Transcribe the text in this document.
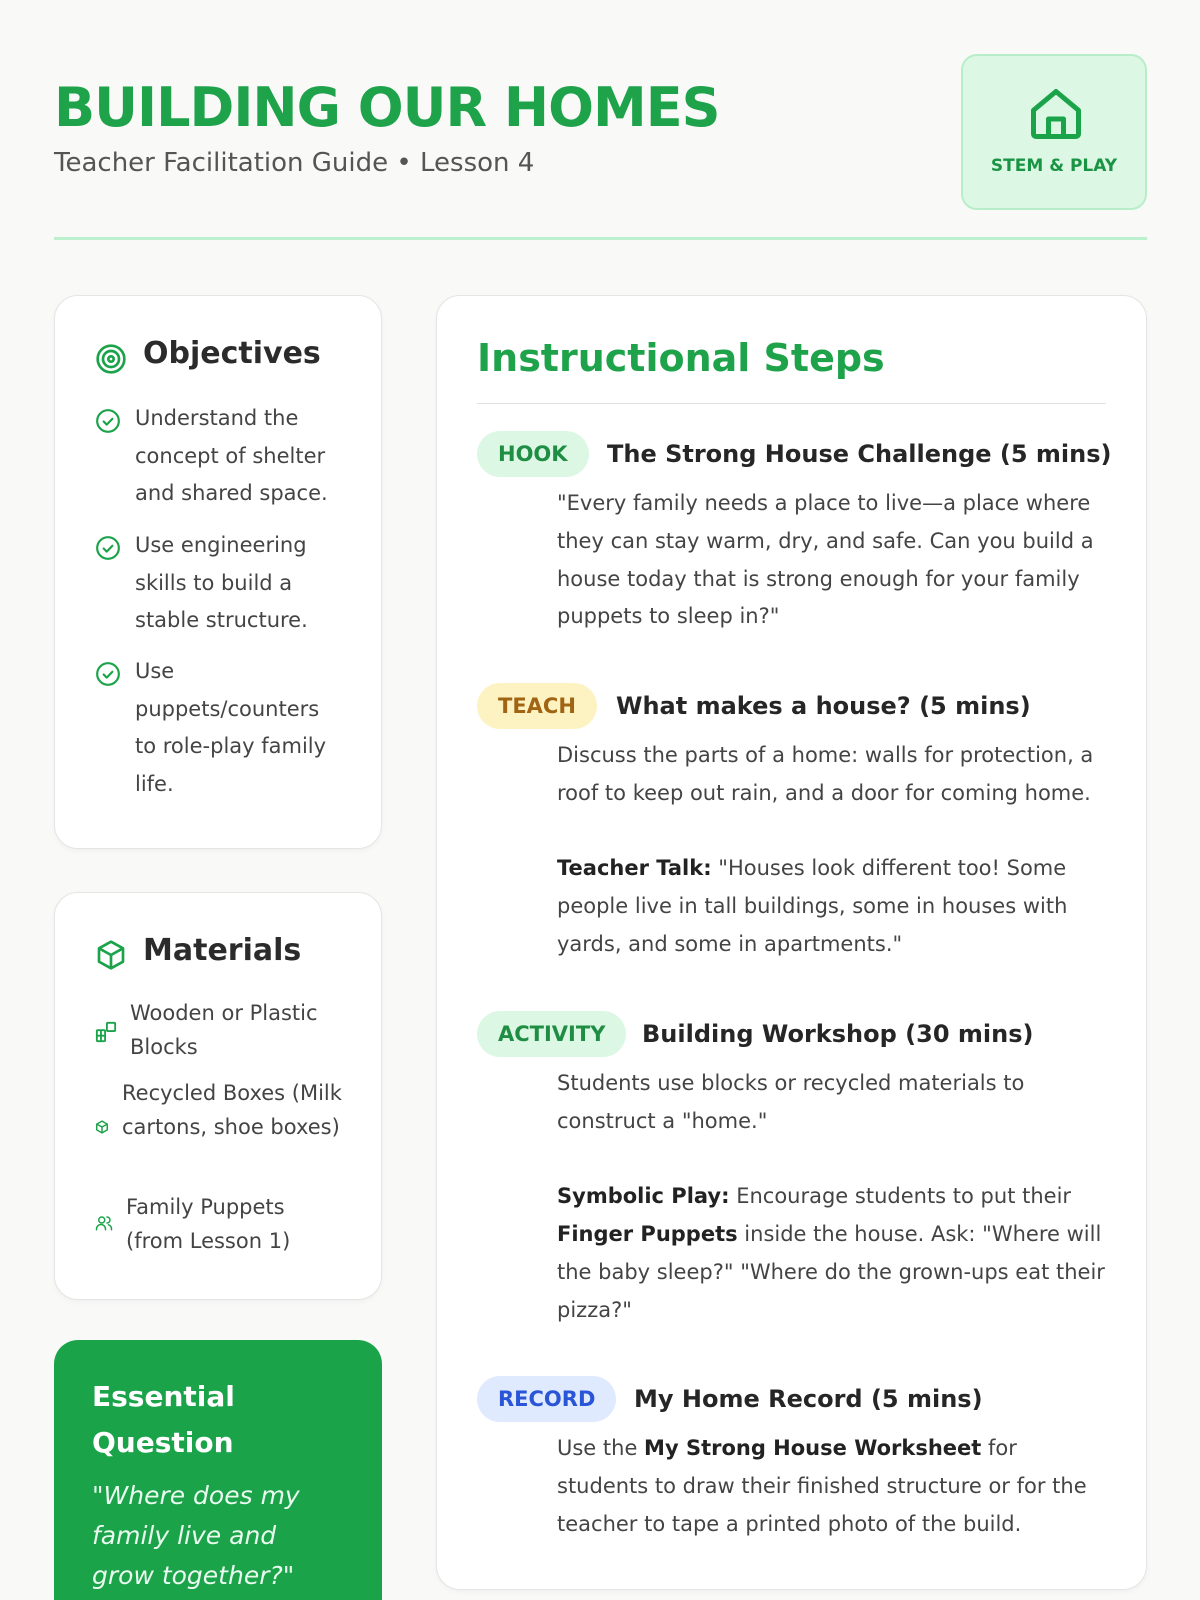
BUILDING OUR HOMES
Teacher Facilitation Guide • Lesson 4	STEM & PLAY
Objectives
Understand the concept of shelter and shared space.
Use engineering skills to build a stable structure.
Use puppets/counters to role-play family life.
Materials
Wooden or Plastic Blocks
Recycled Boxes (Milk cartons, shoe boxes)
Family Puppets (from Lesson 1)
Essential Question
"Where does my family live and grow together?"
Instructional Steps
HOOK	The Strong House Challenge (5 mins)

"Every family needs a place to live—a place where they can stay warm, dry, and safe. Can you build a house today that is strong enough for your family puppets to sleep in?"

TEACH	What makes a house? (5 mins)

Discuss the parts of a home: walls for protection, a roof to keep out rain, and a door for coming home.

Teacher Talk: "Houses look different too! Some people live in tall buildings, some in houses with yards, and some in apartments."

ACTIVITY	Building Workshop (30 mins)

Students use blocks or recycled materials to construct a "home."

Symbolic Play: Encourage students to put their Finger Puppets inside the house. Ask: "Where will the baby sleep?" "Where do the grown-ups eat their pizza?"

RECORD	My Home Record (5 mins)

Use the My Strong House Worksheet for students to draw their finished structure or for the teacher to tape a printed photo of the build.
